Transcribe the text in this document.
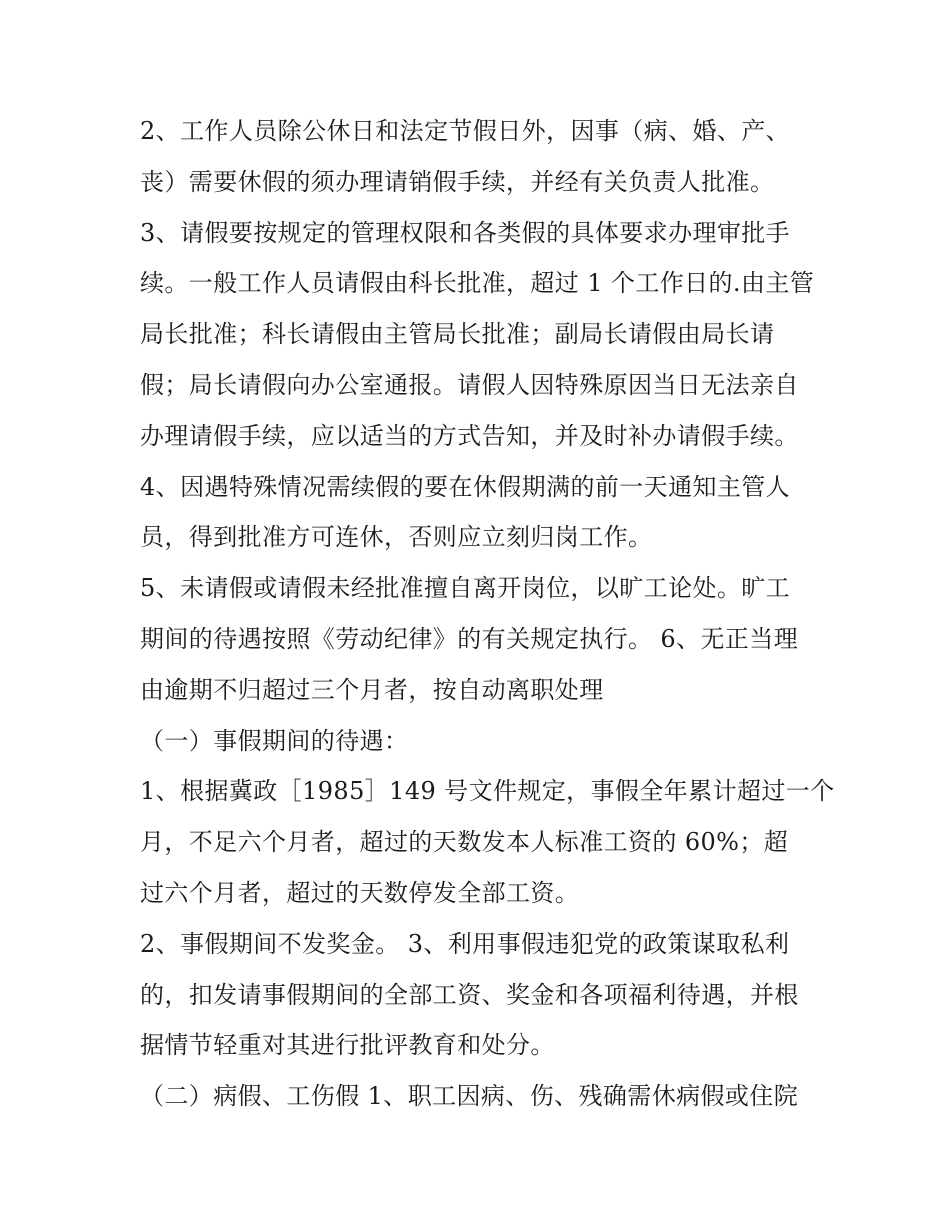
2、工作人员除公休日和法定节假日外，因事（病、婚、产、
丧）需要休假的须办理请销假手续，并经有关负责人批准。
3、请假要按规定的管理权限和各类假的具体要求办理审批手
续。一般工作人员请假由科长批准，超过 1 个工作日的.由主管
局长批准；科长请假由主管局长批准；副局长请假由局长请
假；局长请假向办公室通报。请假人因特殊原因当日无法亲自
办理请假手续，应以适当的方式告知，并及时补办请假手续。
4、因遇特殊情况需续假的要在休假期满的前一天通知主管人
员，得到批准方可连休，否则应立刻归岗工作。
5、未请假或请假未经批准擅自离开岗位，以旷工论处。旷工
期间的待遇按照《劳动纪律》的有关规定执行。 6、无正当理
由逾期不归超过三个月者，按自动离职处理
（一）事假期间的待遇：
1、根据冀政［1985］149 号文件规定，事假全年累计超过一个
月，不足六个月者，超过的天数发本人标准工资的 60%；超
过六个月者，超过的天数停发全部工资。
2、事假期间不发奖金。 3、利用事假违犯党的政策谋取私利
的，扣发请事假期间的全部工资、奖金和各项福利待遇，并根
据情节轻重对其进行批评教育和处分。
（二）病假、工伤假 1、职工因病、伤、残确需休病假或住院
